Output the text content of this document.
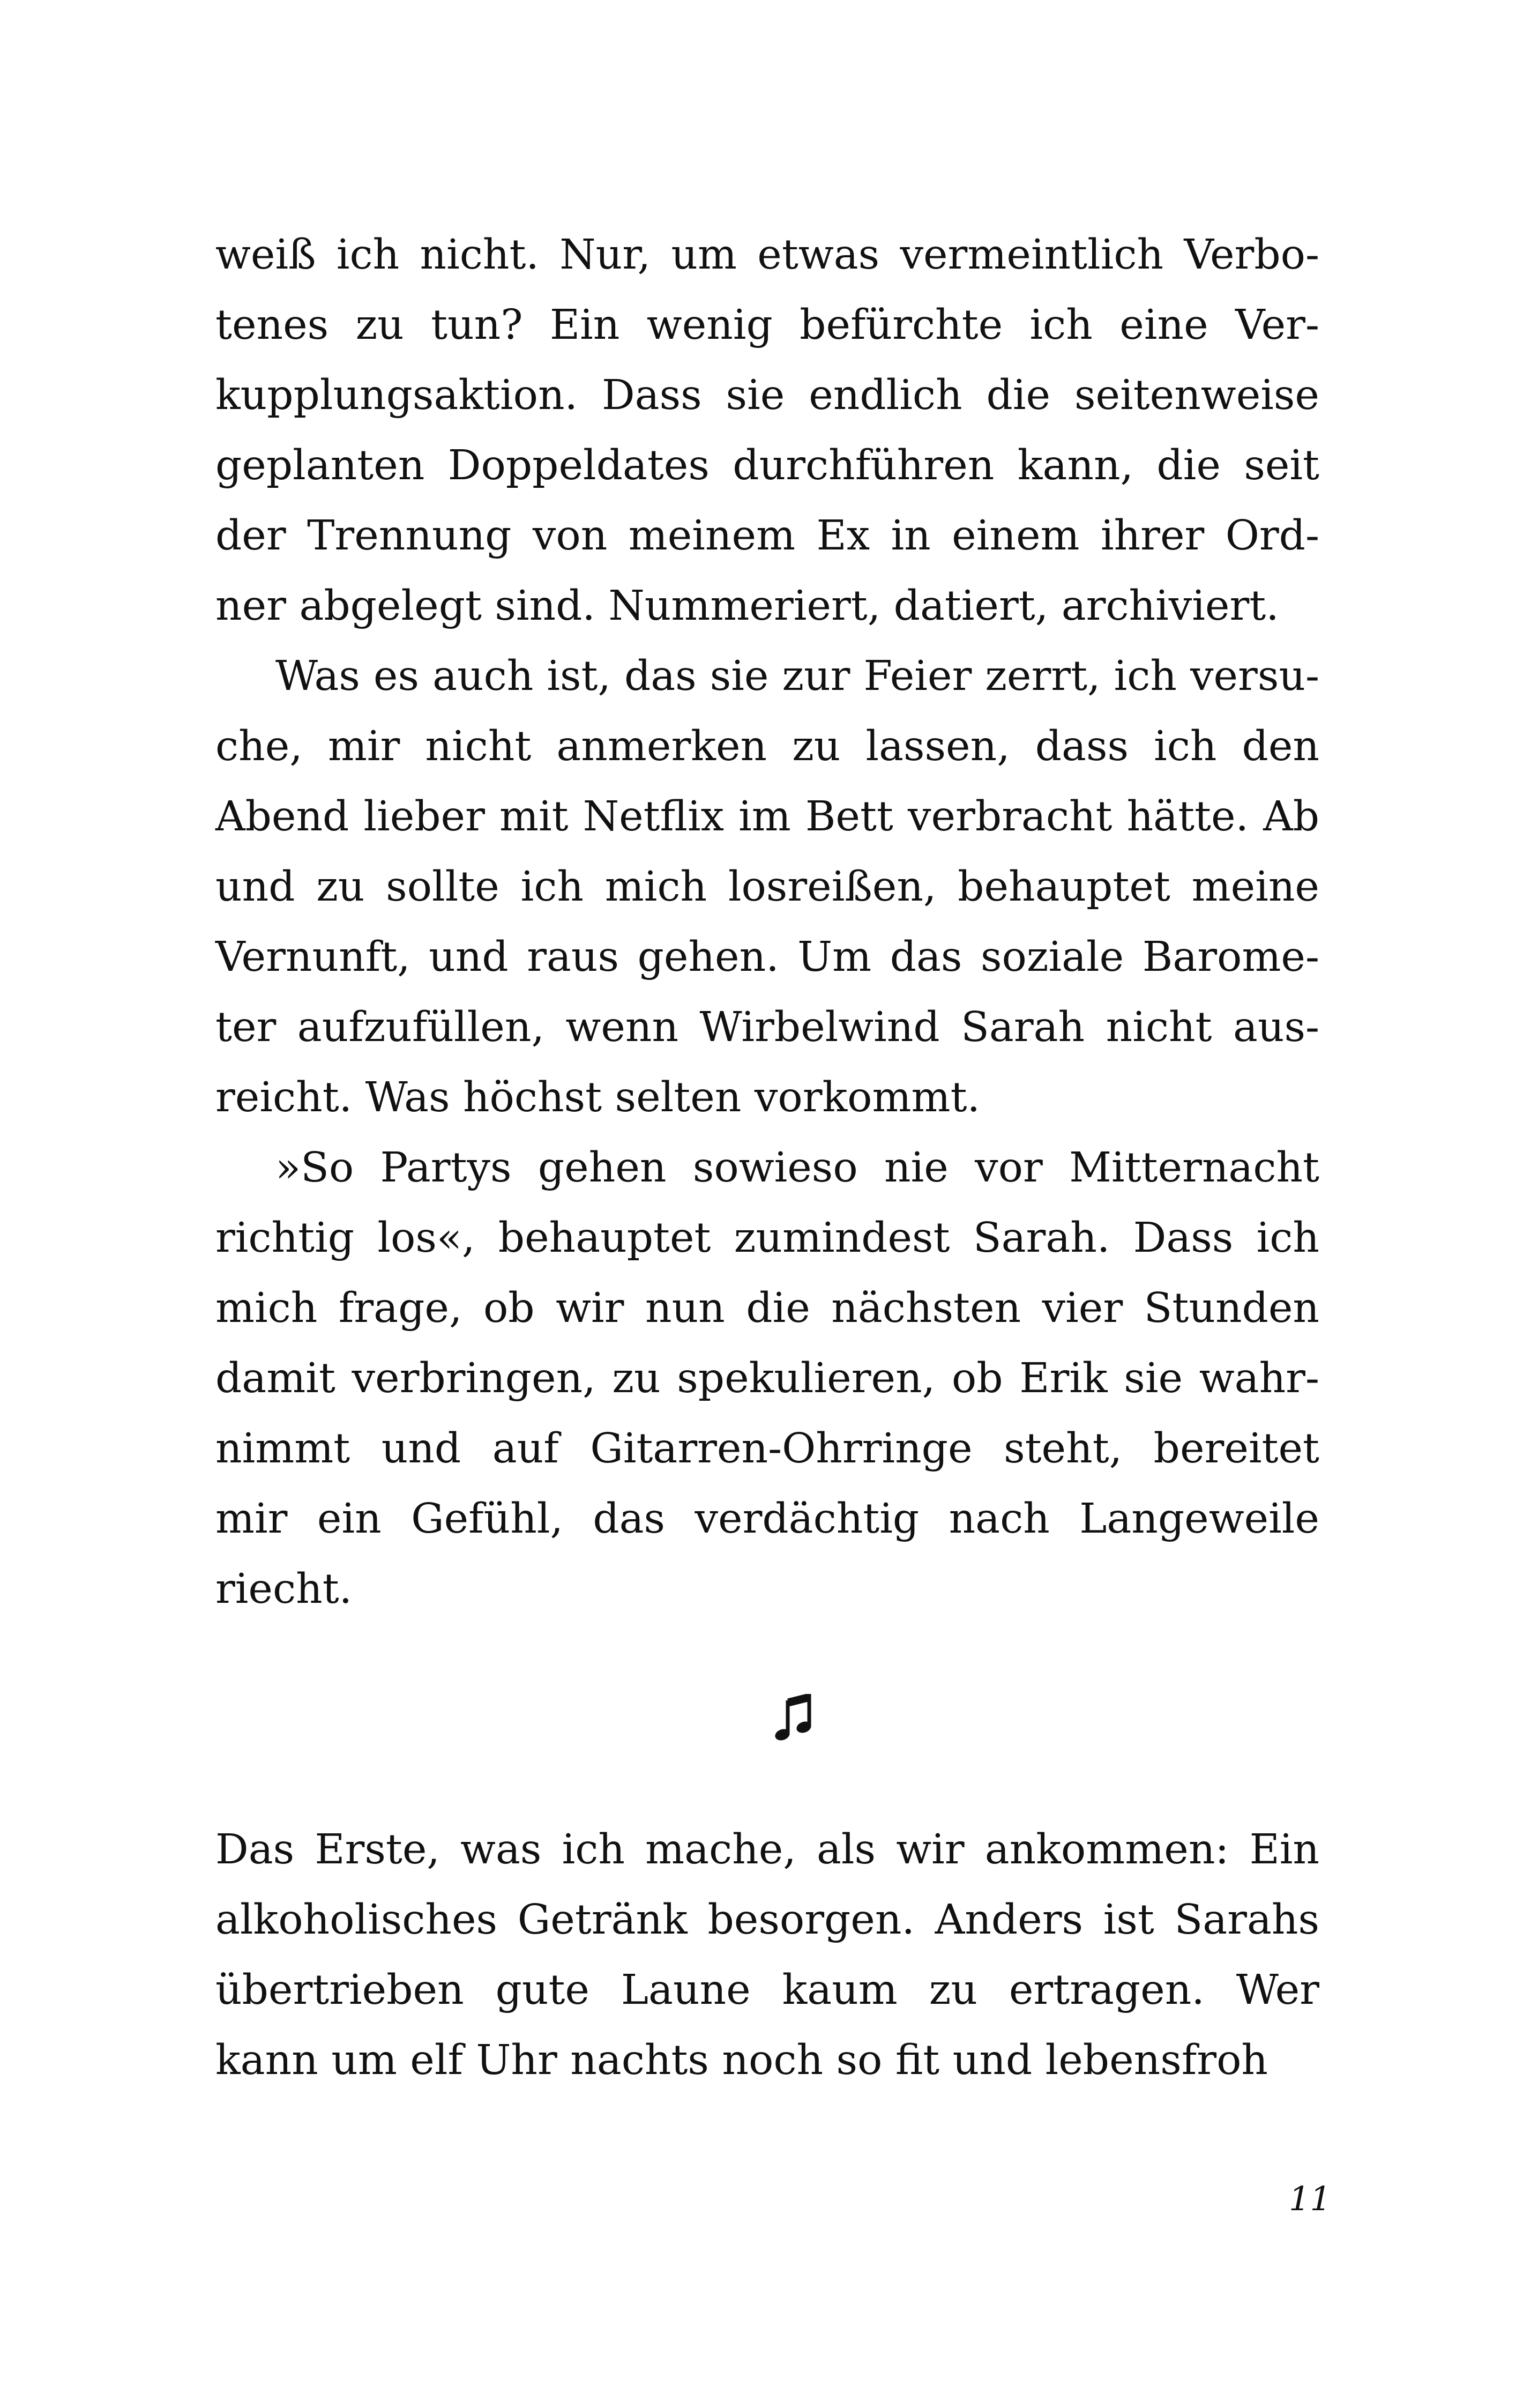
weiß ich nicht. Nur, um etwas vermeintlich Verbo-
tenes zu tun? Ein wenig befürchte ich eine Ver-
kupplungsaktion. Dass sie endlich die seitenweise
geplanten Doppeldates durchführen kann, die seit
der Trennung von meinem Ex in einem ihrer Ord-
ner abgelegt sind. Nummeriert, datiert, archiviert.
Was es auch ist, das sie zur Feier zerrt, ich versu-
che, mir nicht anmerken zu lassen, dass ich den
Abend lieber mit Netflix im Bett verbracht hätte. Ab
und zu sollte ich mich losreißen, behauptet meine
Vernunft, und raus gehen. Um das soziale Barome-
ter aufzufüllen, wenn Wirbelwind Sarah nicht aus-
reicht. Was höchst selten vorkommt.
»So Partys gehen sowieso nie vor Mitternacht
richtig los«, behauptet zumindest Sarah. Dass ich
mich frage, ob wir nun die nächsten vier Stunden
damit verbringen, zu spekulieren, ob Erik sie wahr-
nimmt und auf Gitarren-Ohrringe steht, bereitet
mir ein Gefühl, das verdächtig nach Langeweile
riecht.
Das Erste, was ich mache, als wir ankommen: Ein
alkoholisches Getränk besorgen. Anders ist Sarahs
übertrieben gute Laune kaum zu ertragen. Wer
kann um elf Uhr nachts noch so fit und lebensfroh
11
